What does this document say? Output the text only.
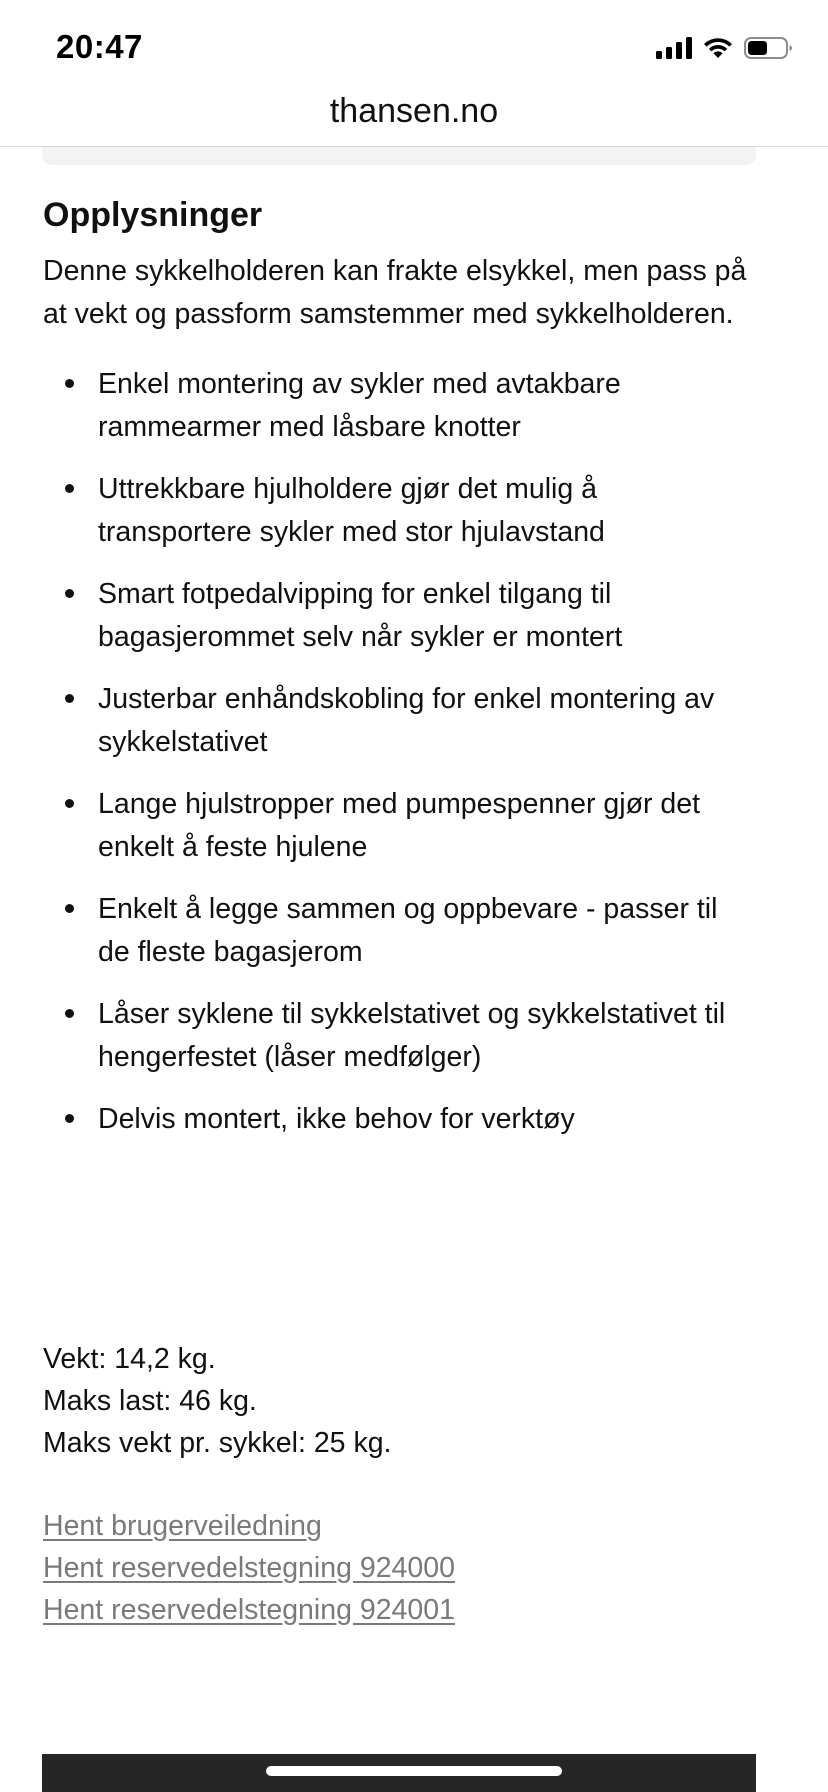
20:47
thansen.no
Opplysninger

Denne sykkelholderen kan frakte elsykkel, men pass på at vekt og passform samstemmer med sykkelholderen.

Enkel montering av sykler med avtakbare rammearmer med låsbare knotter
Uttrekkbare hjulholdere gjør det mulig å transportere sykler med stor hjulavstand
Smart fotpedalvipping for enkel tilgang til bagasjerommet selv når sykler er montert
Justerbar enhåndskobling for enkel montering av sykkelstativet
Lange hjulstropper med pumpespenner gjør det enkelt å feste hjulene
Enkelt å legge sammen og oppbevare - passer til de fleste bagasjerom
Låser syklene til sykkelstativet og sykkelstativet til hengerfestet (låser medfølger)
Delvis montert, ikke behov for verktøy
Vekt: 14,2 kg.
Maks last: 46 kg.
Maks vekt pr. sykkel: 25 kg.
Hent brugerveiledning
Hent reservedelstegning 924000
Hent reservedelstegning 924001
